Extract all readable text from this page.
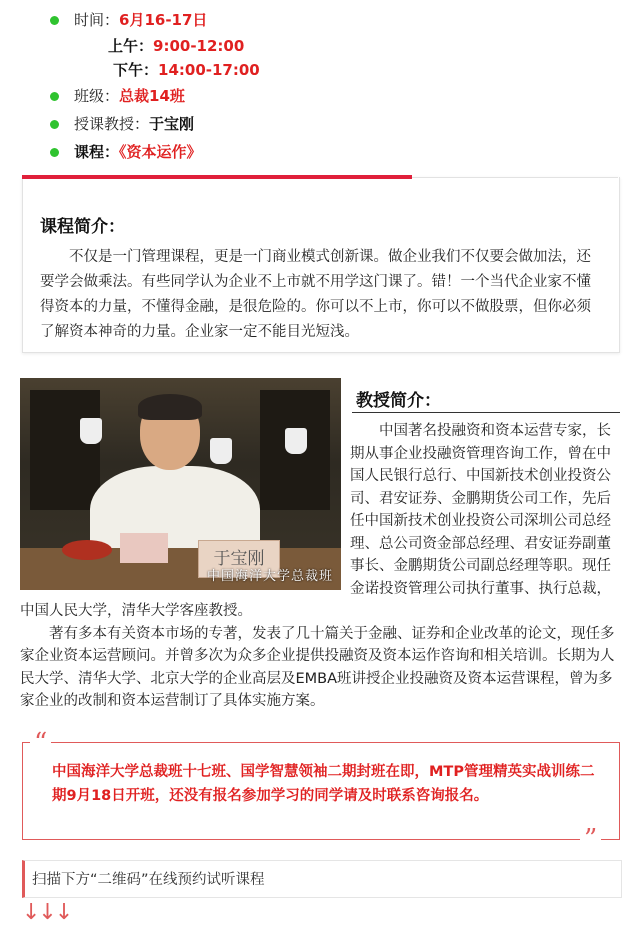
时间：6月16-17日
上午：9:00-12:00
下午：14:00-17:00
班级：总裁14班
授课教授：于宝刚
课程：《资本运作》
课程简介：

不仅是一门管理课程，更是一门商业模式创新课。做企业我们不仅要会做加法，还要学会做乘法。有些同学认为企业不上市就不用学这门课了。错！一个当代企业家不懂得资本的力量，不懂得金融，是很危险的。你可以不上市，你可以不做股票，但你必须了解资本神奇的力量。企业家一定不能目光短浅。

于宝刚
中国海洋大学总裁班
教授简介：

中国著名投融资和资本运营专家，长期从事企业投融资管理咨询工作，曾在中国人民银行总行、中国新技术创业投资公司、君安证券、金鹏期货公司工作，先后任中国新技术创业投资公司深圳公司总经理、总公司资金部总经理、君安证券副董事长、金鹏期货公司副总经理等职。现任金诺投资管理公司执行董事、执行总裁，中国人民大学，清华大学客座教授。

著有多本有关资本市场的专著，发表了几十篇关于金融、证券和企业改革的论文，现任多家企业资本运营顾问。并曾多次为众多企业提供投融资及资本运作咨询和相关培训。长期为人民大学、清华大学、北京大学的企业高层及EMBA班讲授企业投融资及资本运营课程，曾为多家企业的改制和资本运营制订了具体实施方案。

“
”

中国海洋大学总裁班十七班、国学智慧领袖二期封班在即，MTP管理精英实战训练二期9月18日开班，还没有报名参加学习的同学请及时联系咨询报名。

扫描下方“二维码”在线预约试听课程
↓↓↓
